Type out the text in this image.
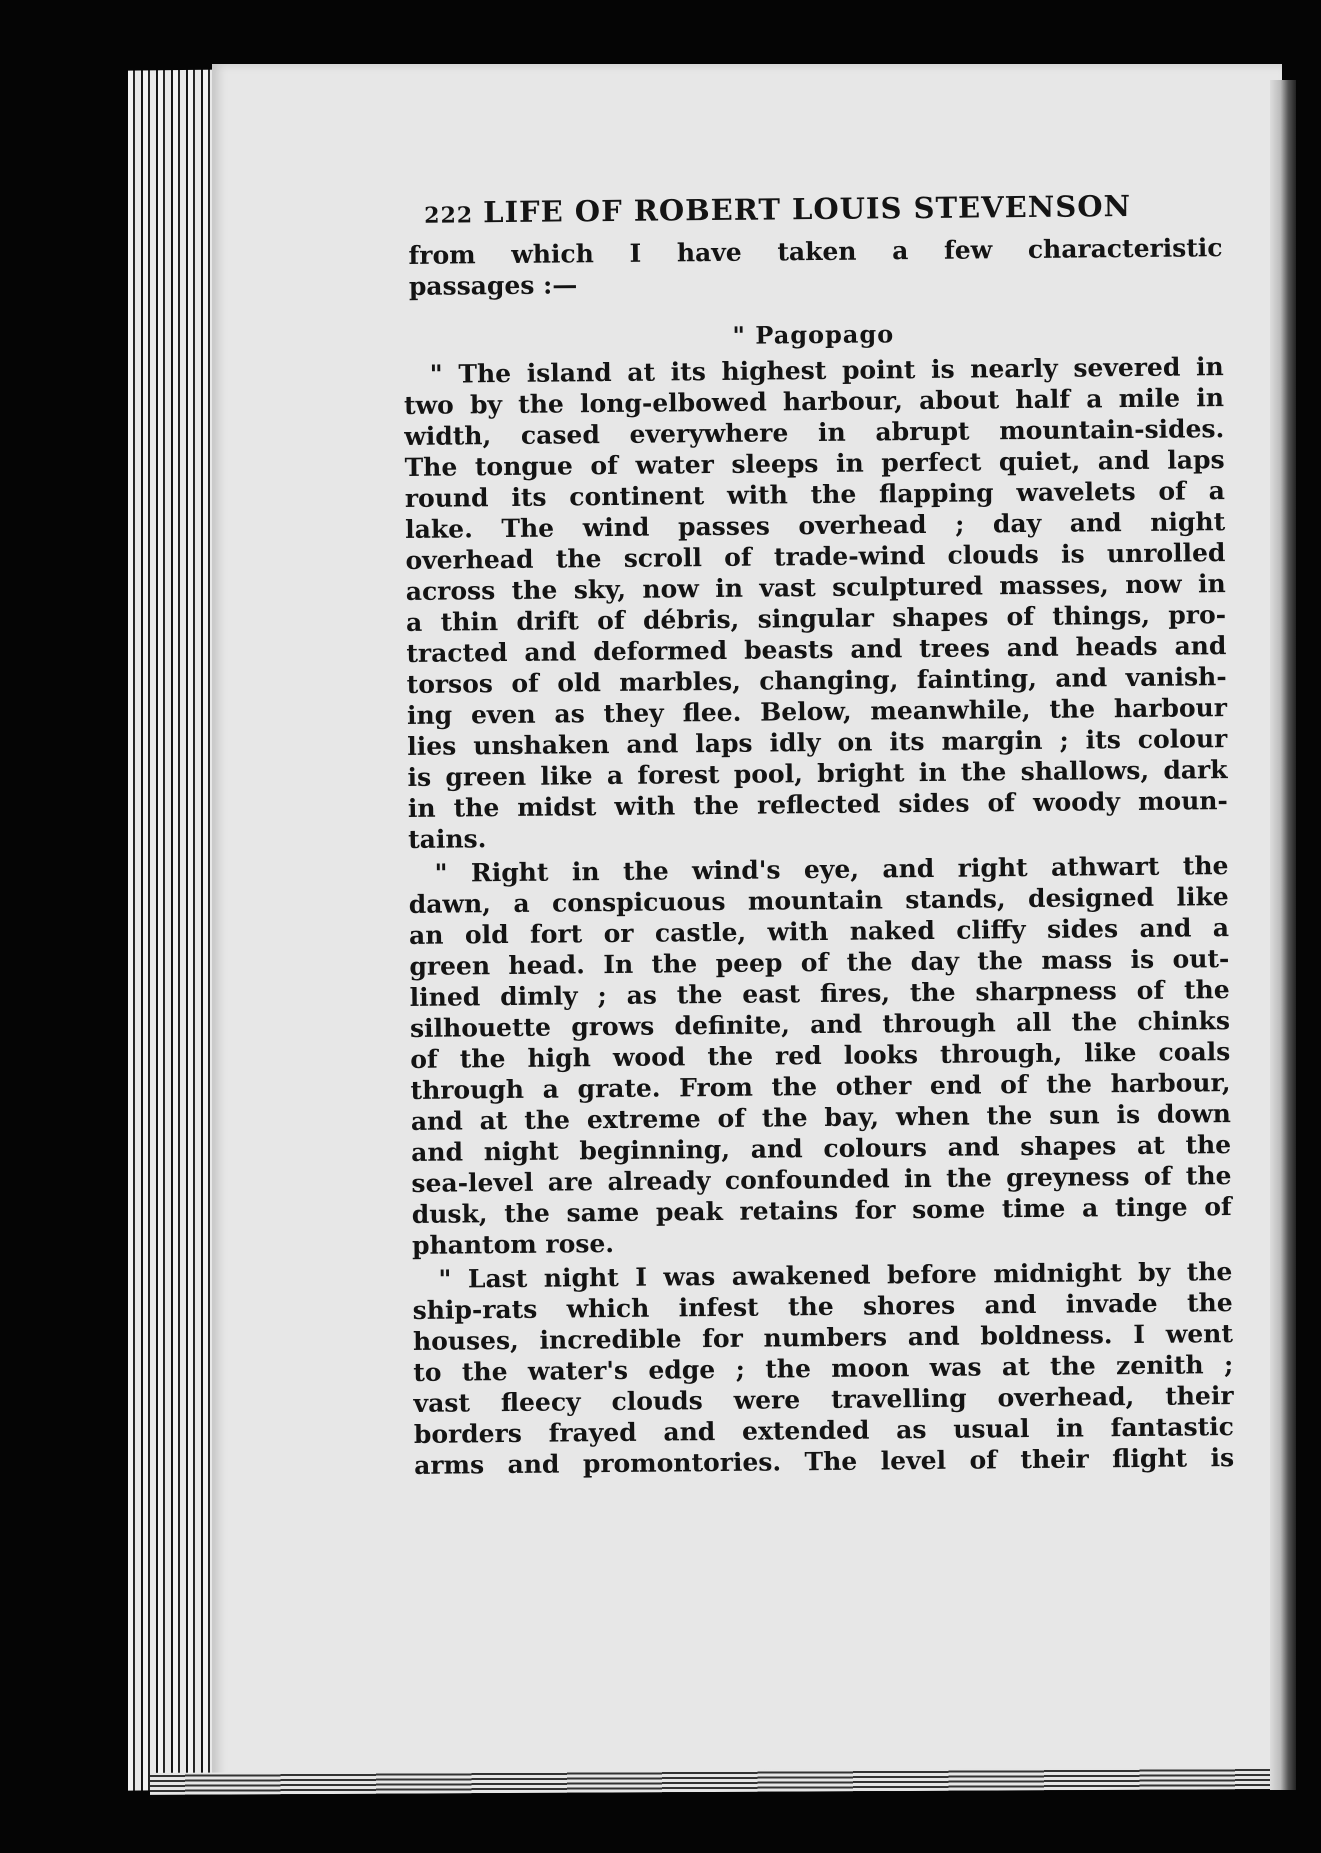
222 LIFE OF ROBERT LOUIS STEVENSON
from which I have taken a few characteristic
passages :—
" Pagopago
" The island at its highest point is nearly severed in
two by the long-elbowed harbour, about half a mile in
width, cased everywhere in abrupt mountain-sides.
The tongue of water sleeps in perfect quiet, and laps
round its continent with the flapping wavelets of a
lake. The wind passes overhead ; day and night
overhead the scroll of trade-wind clouds is unrolled
across the sky, now in vast sculptured masses, now in
a thin drift of débris, singular shapes of things, pro-
tracted and deformed beasts and trees and heads and
torsos of old marbles, changing, fainting, and vanish-
ing even as they flee. Below, meanwhile, the harbour
lies unshaken and laps idly on its margin ; its colour
is green like a forest pool, bright in the shallows, dark
in the midst with the reflected sides of woody moun-
tains.
" Right in the wind's eye, and right athwart the
dawn, a conspicuous mountain stands, designed like
an old fort or castle, with naked cliffy sides and a
green head. In the peep of the day the mass is out-
lined dimly ; as the east fires, the sharpness of the
silhouette grows definite, and through all the chinks
of the high wood the red looks through, like coals
through a grate. From the other end of the harbour,
and at the extreme of the bay, when the sun is down
and night beginning, and colours and shapes at the
sea-level are already confounded in the greyness of the
dusk, the same peak retains for some time a tinge of
phantom rose.
" Last night I was awakened before midnight by the
ship-rats which infest the shores and invade the
houses, incredible for numbers and boldness. I went
to the water's edge ; the moon was at the zenith ;
vast fleecy clouds were travelling overhead, their
borders frayed and extended as usual in fantastic
arms and promontories. The level of their flight is
